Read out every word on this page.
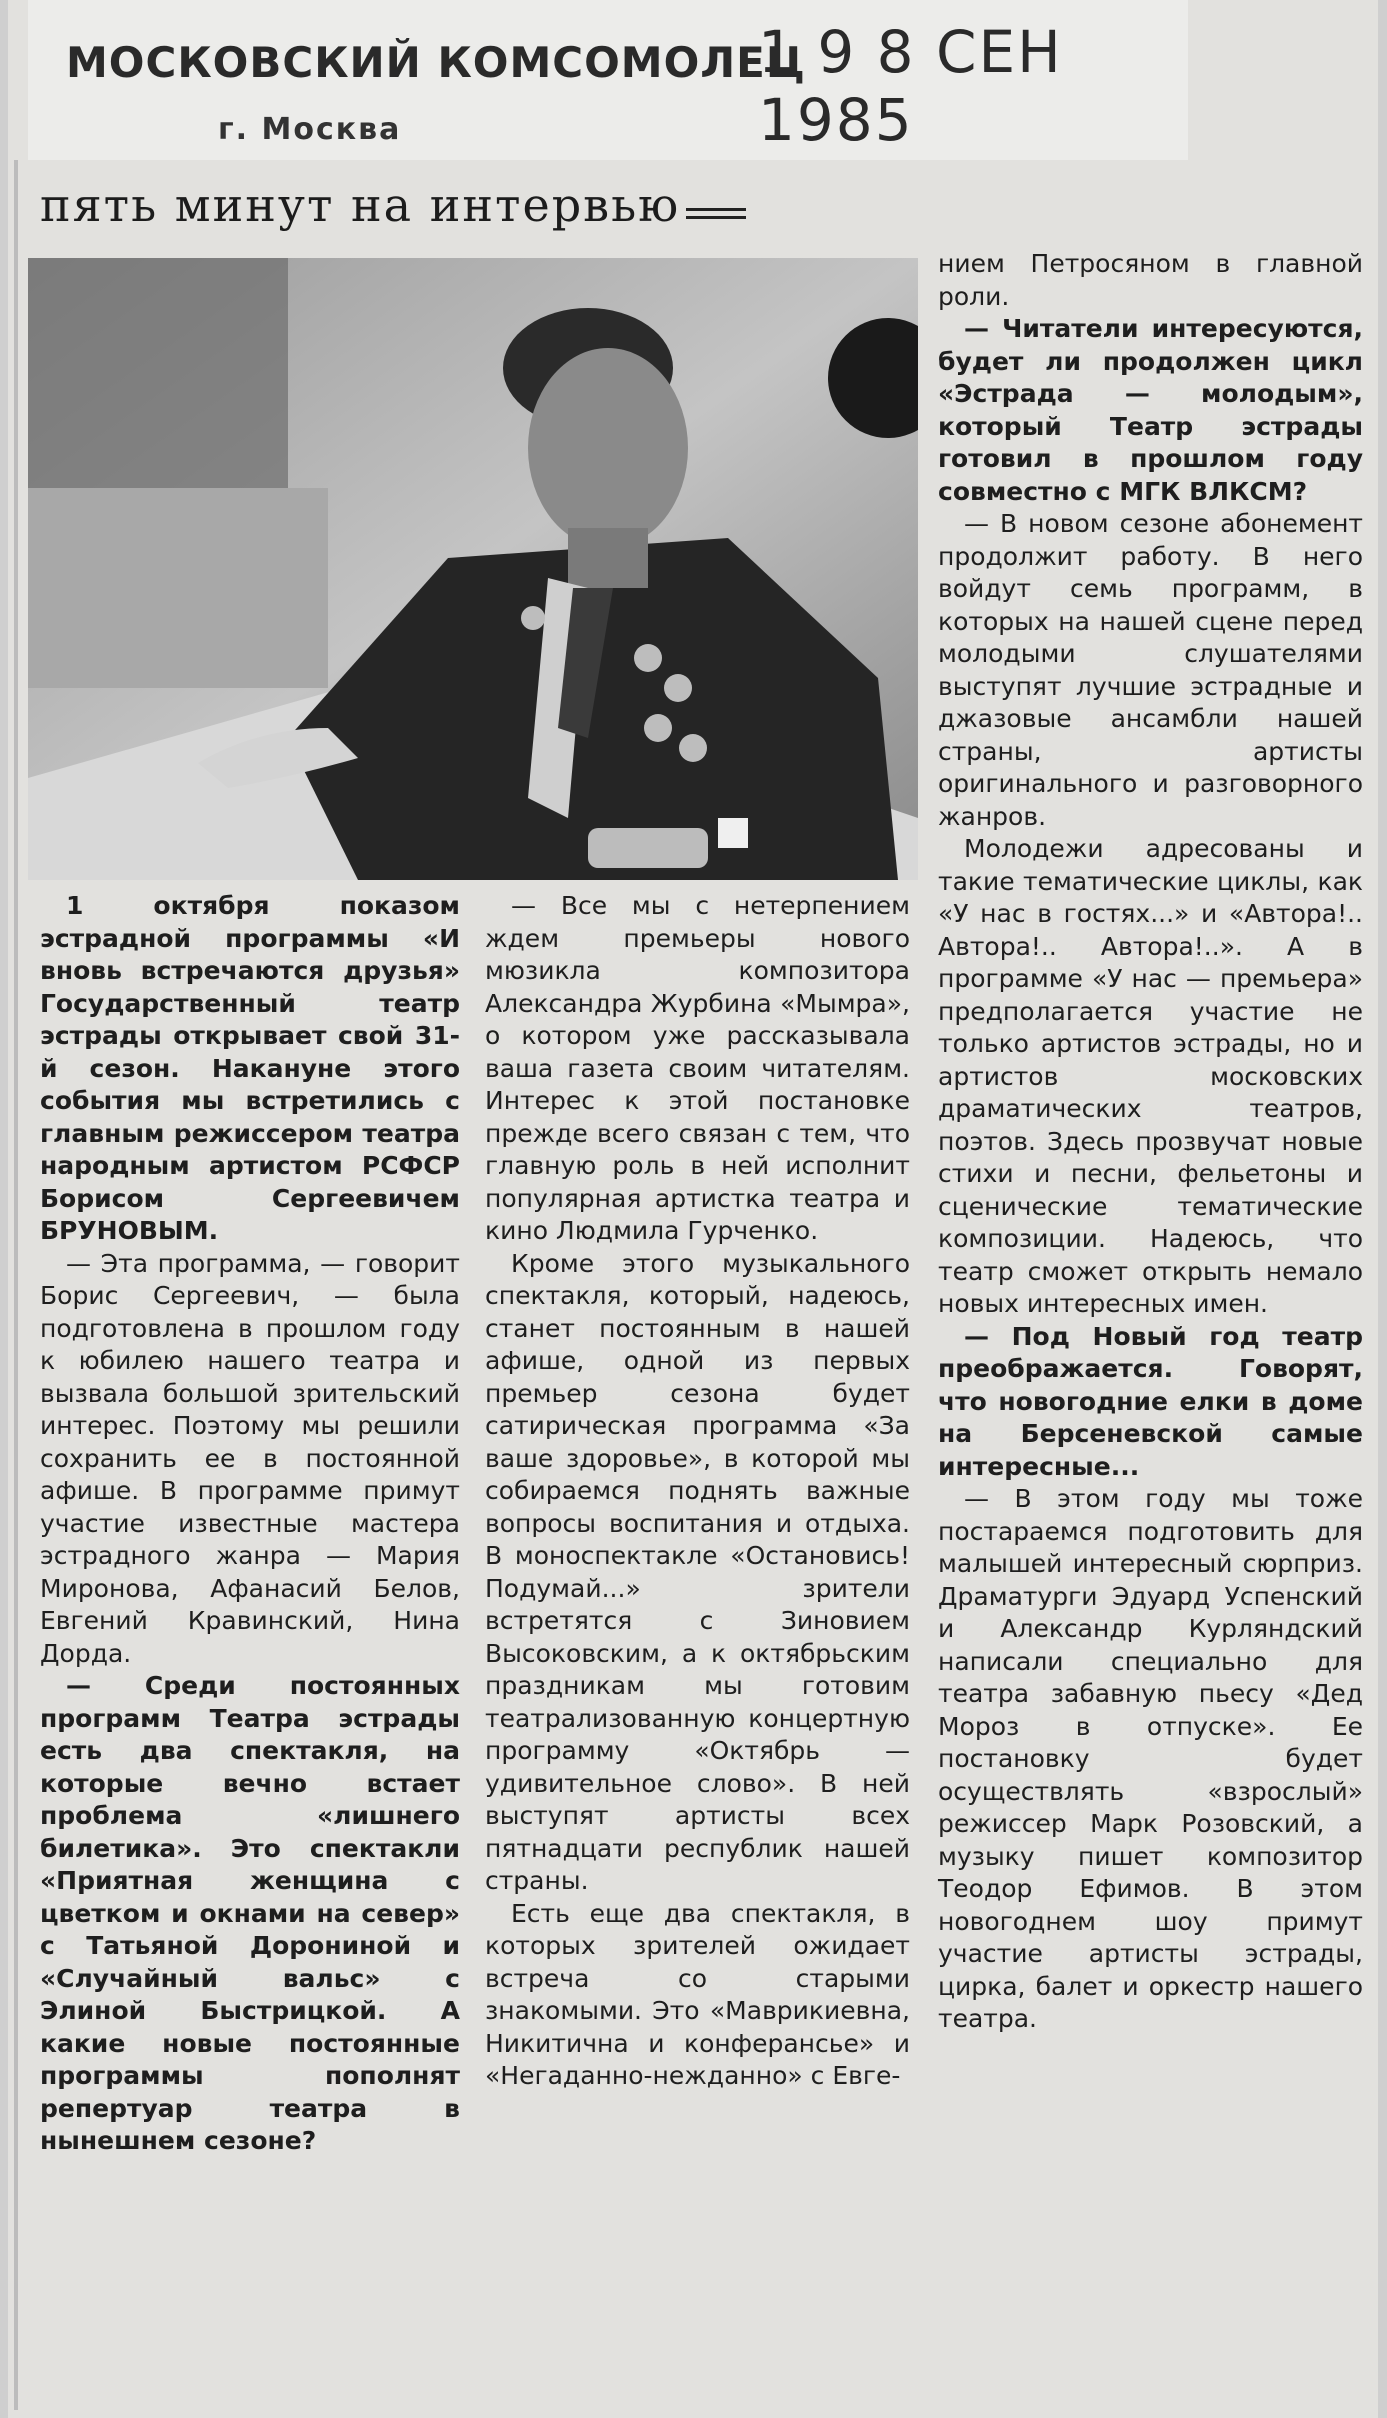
МОСКОВСКИЙ КОМСОМОЛЕЦ
г. Москва
1 9 8 СЕН 1985
пять минут на интервью

1 октября показом эстрадной программы «И вновь встречаются друзья» Государственный театр эстрады открывает свой 31-й сезон. Накануне этого события мы встретились с главным режиссером театра народным артистом РСФСР Борисом Сергеевичем БРУНОВЫМ.

— Эта программа, — говорит Борис Сергеевич, — была подготовлена в прошлом году к юбилею нашего театра и вызвала большой зрительский интерес. Поэтому мы решили сохранить ее в постоянной афише. В программе примут участие известные мастера эстрадного жанра — Мария Миронова, Афанасий Белов, Евгений Кравинский, Нина Дорда.

— Среди постоянных программ Театра эстрады есть два спектакля, на которые вечно встает проблема «лишнего билетика». Это спектакли «Приятная женщина с цветком и окнами на север» с Татьяной Дорониной и «Случайный вальс» с Элиной Быстрицкой. А какие новые постоянные программы пополнят репертуар театра в нынешнем сезоне?

— Все мы с нетерпением ждем премьеры нового мюзикла композитора Александра Журбина «Мымра», о котором уже рассказывала ваша газета своим читателям. Интерес к этой постановке прежде всего связан с тем, что главную роль в ней исполнит популярная артистка театра и кино Людмила Гурченко.

Кроме этого музыкального спектакля, который, надеюсь, станет постоянным в нашей афише, одной из первых премьер сезона будет сатирическая программа «За ваше здоровье», в которой мы собираемся поднять важные вопросы воспитания и отдыха. В моноспектакле «Остановись! Подумай...» зрители встретятся с Зиновием Высоковским, а к октябрьским праздникам мы готовим театрализованную концертную программу «Октябрь — удивительное слово». В ней выступят артисты всех пятнадцати республик нашей страны.

Есть еще два спектакля, в которых зрителей ожидает встреча со старыми знакомыми. Это «Маврикиевна, Никитична и конферансье» и «Негаданно-нежданно» с Евге-

нием Петросяном в главной роли.

— Читатели интересуются, будет ли продолжен цикл «Эстрада — молодым», который Театр эстрады готовил в прошлом году совместно с МГК ВЛКСМ?

— В новом сезоне абонемент продолжит работу. В него войдут семь программ, в которых на нашей сцене перед молодыми слушателями выступят лучшие эстрадные и джазовые ансамбли нашей страны, артисты оригинального и разговорного жанров.

Молодежи адресованы и такие тематические циклы, как «У нас в гостях...» и «Автора!.. Автора!.. Автора!..». А в программе «У нас — премьера» предполагается участие не только артистов эстрады, но и артистов московских драматических театров, поэтов. Здесь прозвучат новые стихи и песни, фельетоны и сценические тематические композиции. Надеюсь, что театр сможет открыть немало новых интересных имен.

— Под Новый год театр преображается. Говорят, что новогодние елки в доме на Берсеневской самые интересные...

— В этом году мы тоже постараемся подготовить для малышей интересный сюрприз. Драматурги Эдуард Успенский и Александр Курляндский написали специально для театра забавную пьесу «Дед Мороз в отпуске». Ее постановку будет осуществлять «взрослый» режиссер Марк Розовский, а музыку пишет композитор Теодор Ефимов. В этом новогоднем шоу примут участие артисты эстрады, цирка, балет и оркестр нашего театра.
